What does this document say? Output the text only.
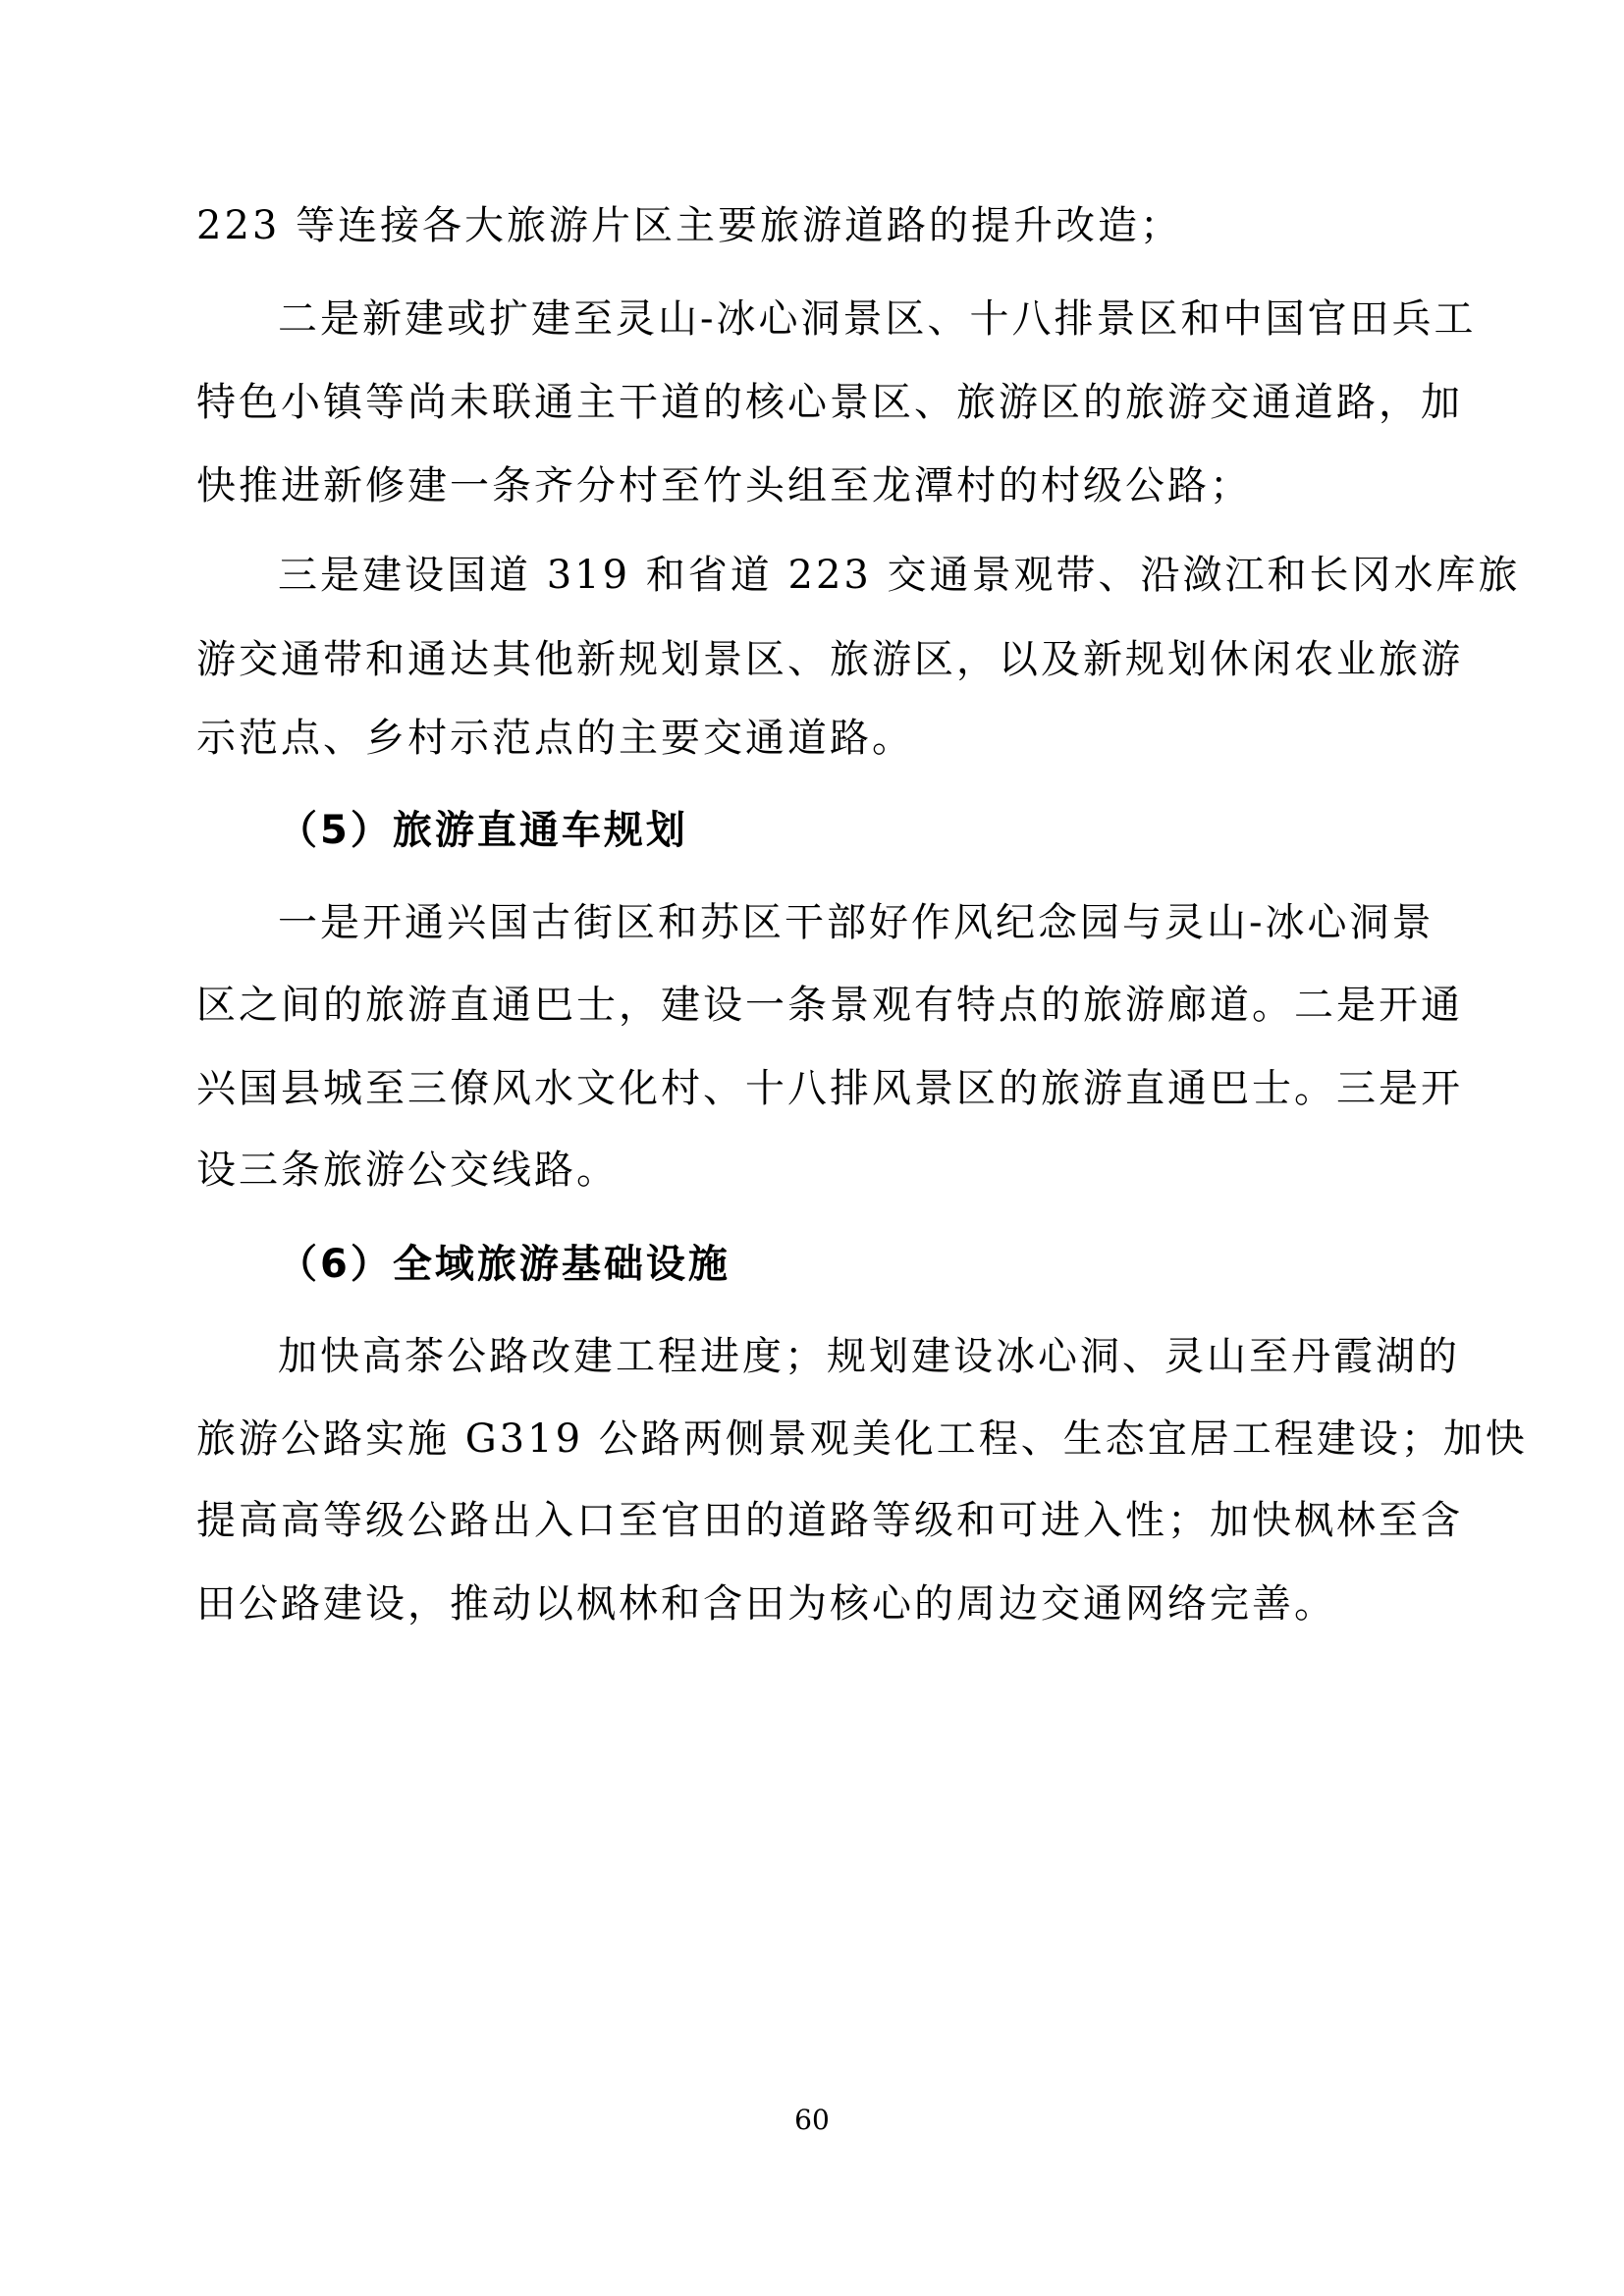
223 等连接各大旅游片区主要旅游道路的提升改造；
二是新建或扩建至灵山-冰心洞景区、十八排景区和中国官田兵工
特色小镇等尚未联通主干道的核心景区、旅游区的旅游交通道路，加
快推进新修建一条齐分村至竹头组至龙潭村的村级公路；
三是建设国道 319 和省道 223 交通景观带、沿潋江和长冈水库旅
游交通带和通达其他新规划景区、旅游区，以及新规划休闲农业旅游
示范点、乡村示范点的主要交通道路。
（5）旅游直通车规划
一是开通兴国古街区和苏区干部好作风纪念园与灵山-冰心洞景
区之间的旅游直通巴士，建设一条景观有特点的旅游廊道。二是开通
兴国县城至三僚风水文化村、十八排风景区的旅游直通巴士。三是开
设三条旅游公交线路。
（6）全域旅游基础设施
加快高茶公路改建工程进度；规划建设冰心洞、灵山至丹霞湖的
旅游公路实施 G319 公路两侧景观美化工程、生态宜居工程建设；加快
提高高等级公路出入口至官田的道路等级和可进入性；加快枫林至含
田公路建设，推动以枫林和含田为核心的周边交通网络完善。
60
